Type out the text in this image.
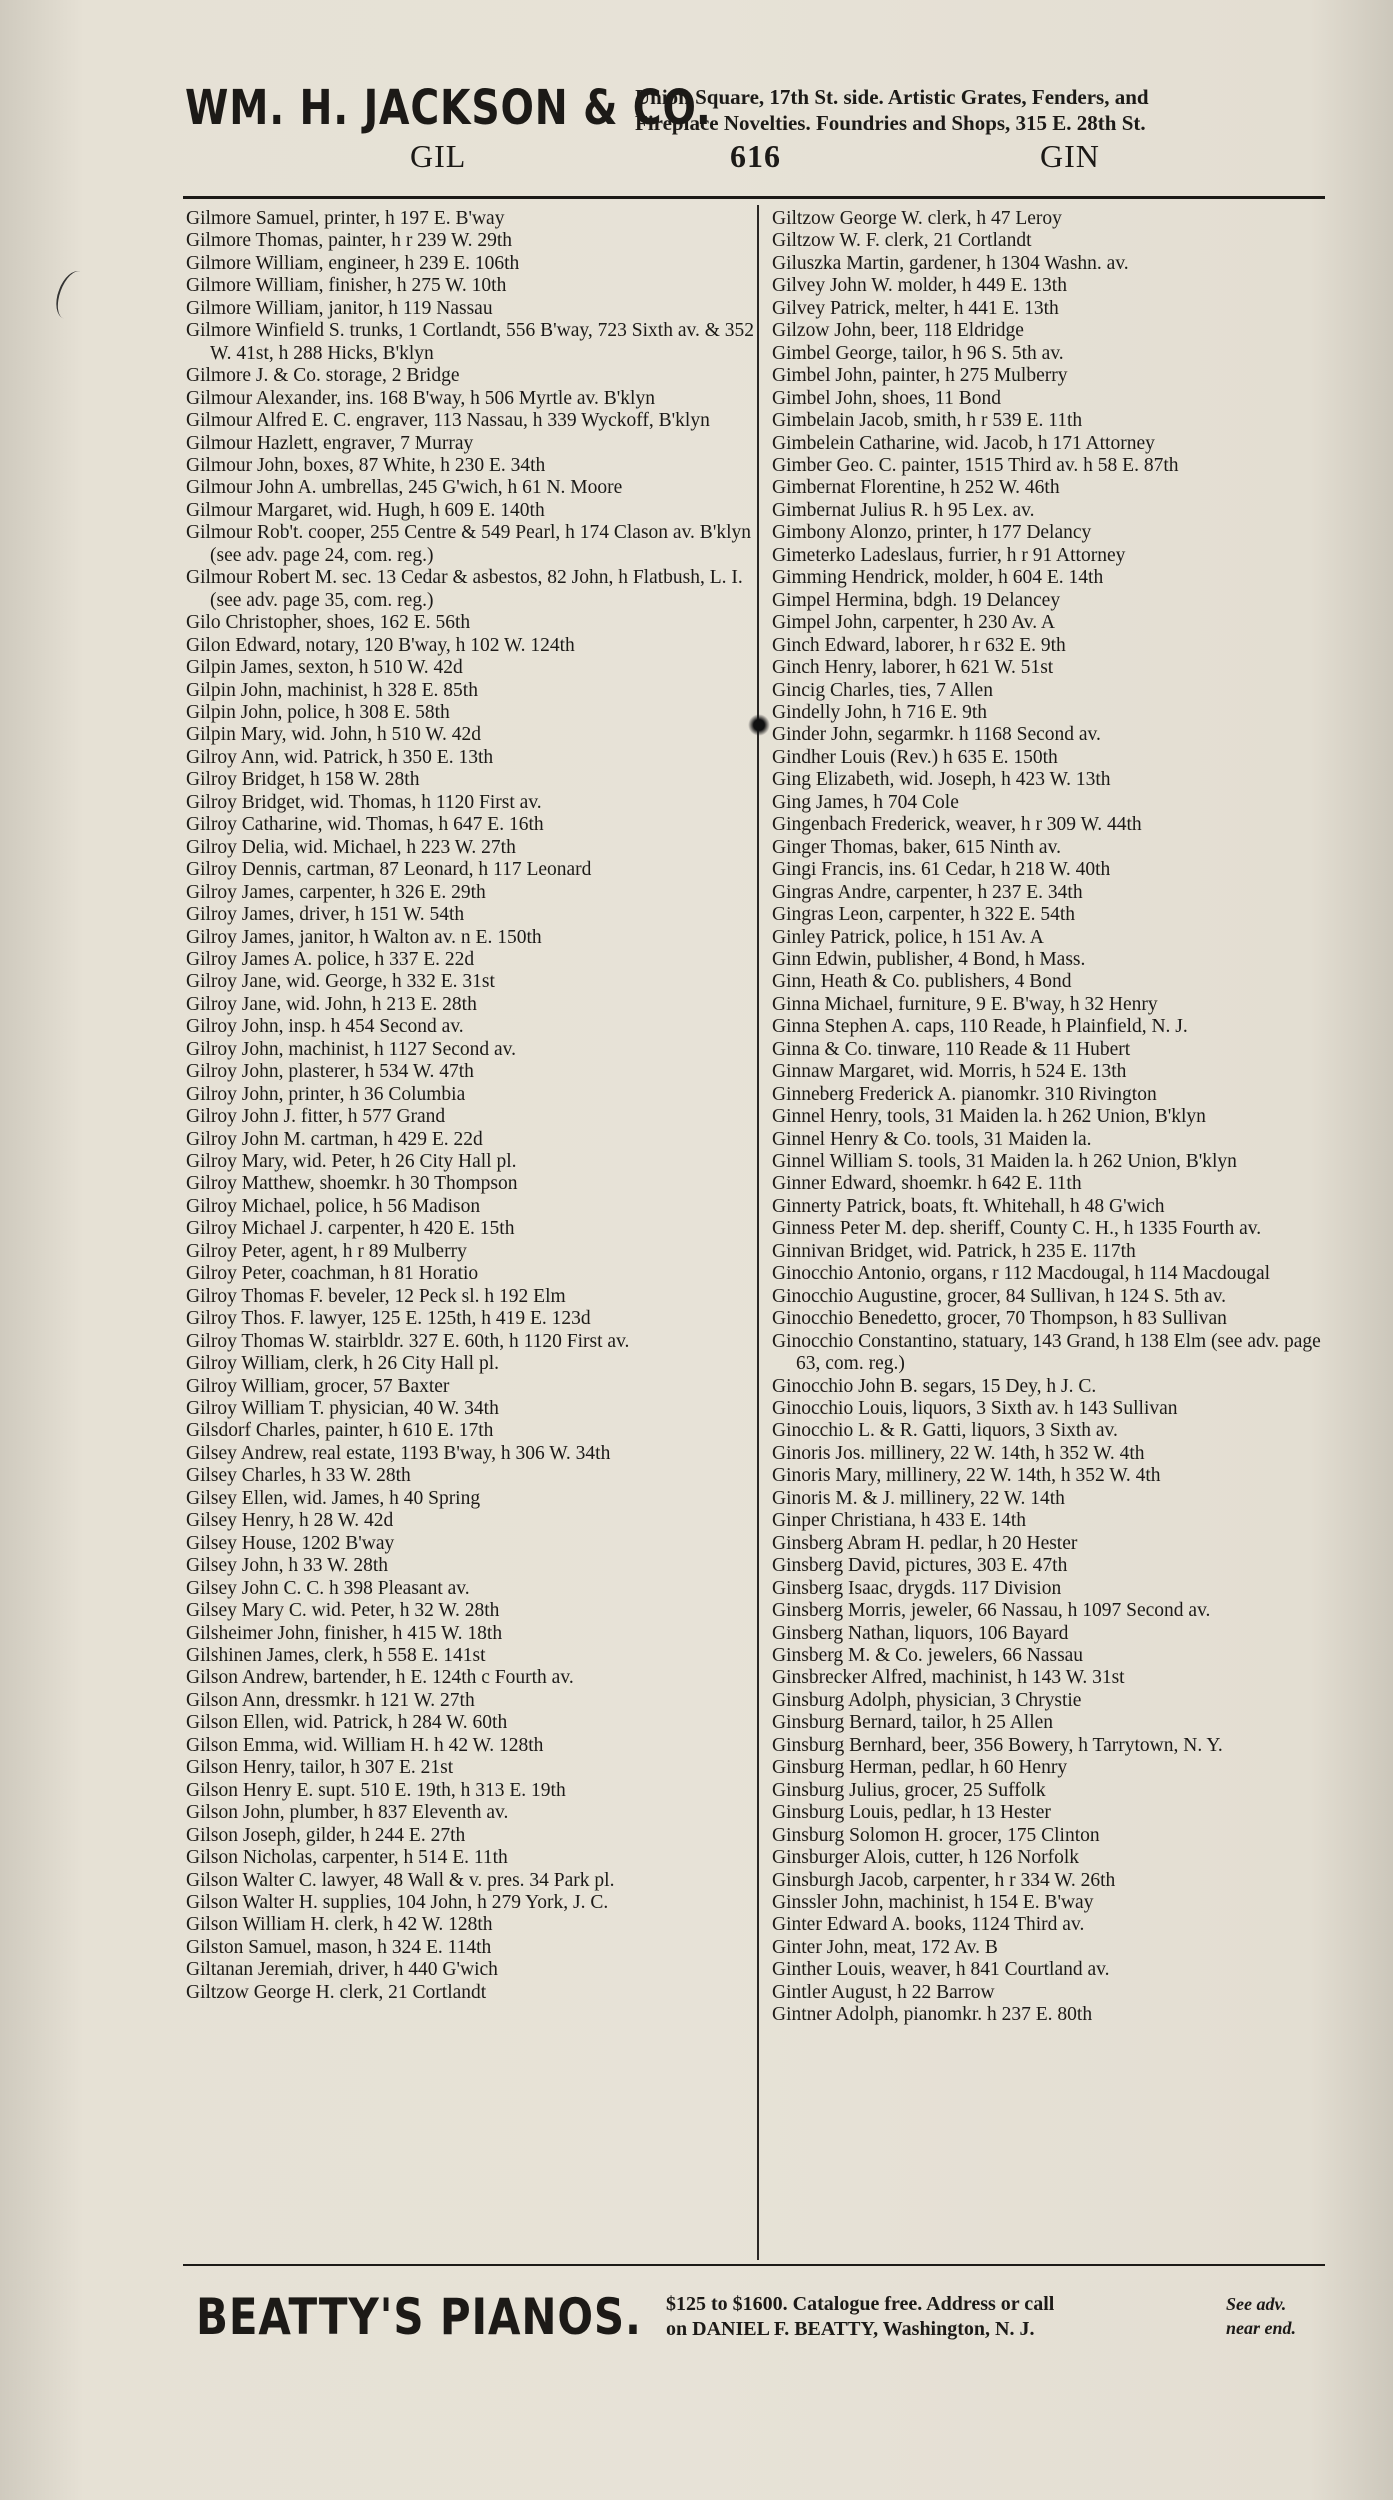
WM. H. JACKSON & CO.
Union Square, 17th St. side. Artistic Grates, Fenders, and
Fireplace Novelties. Foundries and Shops, 315 E. 28th St.
GIL	616	GIN
Gilmore Samuel, printer, h 197 E. B'way
Gilmore Thomas, painter, h r 239 W. 29th
Gilmore William, engineer, h 239 E. 106th
Gilmore William, finisher, h 275 W. 10th
Gilmore William, janitor, h 119 Nassau
Gilmore Winfield S. trunks, 1 Cortlandt, 556 B'way, 723 Sixth av. & 352 W. 41st, h 288 Hicks, B'klyn
Gilmore J. & Co. storage, 2 Bridge
Gilmour Alexander, ins. 168 B'way, h 506 Myrtle av. B'klyn
Gilmour Alfred E. C. engraver, 113 Nassau, h 339 Wyckoff, B'klyn
Gilmour Hazlett, engraver, 7 Murray
Gilmour John, boxes, 87 White, h 230 E. 34th
Gilmour John A. umbrellas, 245 G'wich, h 61 N. Moore
Gilmour Margaret, wid. Hugh, h 609 E. 140th
Gilmour Rob't. cooper, 255 Centre & 549 Pearl, h 174 Clason av. B'klyn (see adv. page 24, com. reg.)
Gilmour Robert M. sec. 13 Cedar & asbestos, 82 John, h Flatbush, L. I. (see adv. page 35, com. reg.)
Gilo Christopher, shoes, 162 E. 56th
Gilon Edward, notary, 120 B'way, h 102 W. 124th
Gilpin James, sexton, h 510 W. 42d
Gilpin John, machinist, h 328 E. 85th
Gilpin John, police, h 308 E. 58th
Gilpin Mary, wid. John, h 510 W. 42d
Gilroy Ann, wid. Patrick, h 350 E. 13th
Gilroy Bridget, h 158 W. 28th
Gilroy Bridget, wid. Thomas, h 1120 First av.
Gilroy Catharine, wid. Thomas, h 647 E. 16th
Gilroy Delia, wid. Michael, h 223 W. 27th
Gilroy Dennis, cartman, 87 Leonard, h 117 Leonard
Gilroy James, carpenter, h 326 E. 29th
Gilroy James, driver, h 151 W. 54th
Gilroy James, janitor, h Walton av. n E. 150th
Gilroy James A. police, h 337 E. 22d
Gilroy Jane, wid. George, h 332 E. 31st
Gilroy Jane, wid. John, h 213 E. 28th
Gilroy John, insp. h 454 Second av.
Gilroy John, machinist, h 1127 Second av.
Gilroy John, plasterer, h 534 W. 47th
Gilroy John, printer, h 36 Columbia
Gilroy John J. fitter, h 577 Grand
Gilroy John M. cartman, h 429 E. 22d
Gilroy Mary, wid. Peter, h 26 City Hall pl.
Gilroy Matthew, shoemkr. h 30 Thompson
Gilroy Michael, police, h 56 Madison
Gilroy Michael J. carpenter, h 420 E. 15th
Gilroy Peter, agent, h r 89 Mulberry
Gilroy Peter, coachman, h 81 Horatio
Gilroy Thomas F. beveler, 12 Peck sl. h 192 Elm
Gilroy Thos. F. lawyer, 125 E. 125th, h 419 E. 123d
Gilroy Thomas W. stairbldr. 327 E. 60th, h 1120 First av.
Gilroy William, clerk, h 26 City Hall pl.
Gilroy William, grocer, 57 Baxter
Gilroy William T. physician, 40 W. 34th
Gilsdorf Charles, painter, h 610 E. 17th
Gilsey Andrew, real estate, 1193 B'way, h 306 W. 34th
Gilsey Charles, h 33 W. 28th
Gilsey Ellen, wid. James, h 40 Spring
Gilsey Henry, h 28 W. 42d
Gilsey House, 1202 B'way
Gilsey John, h 33 W. 28th
Gilsey John C. C. h 398 Pleasant av.
Gilsey Mary C. wid. Peter, h 32 W. 28th
Gilsheimer John, finisher, h 415 W. 18th
Gilshinen James, clerk, h 558 E. 141st
Gilson Andrew, bartender, h E. 124th c Fourth av.
Gilson Ann, dressmkr. h 121 W. 27th
Gilson Ellen, wid. Patrick, h 284 W. 60th
Gilson Emma, wid. William H. h 42 W. 128th
Gilson Henry, tailor, h 307 E. 21st
Gilson Henry E. supt. 510 E. 19th, h 313 E. 19th
Gilson John, plumber, h 837 Eleventh av.
Gilson Joseph, gilder, h 244 E. 27th
Gilson Nicholas, carpenter, h 514 E. 11th
Gilson Walter C. lawyer, 48 Wall & v. pres. 34 Park pl.
Gilson Walter H. supplies, 104 John, h 279 York, J. C.
Gilson William H. clerk, h 42 W. 128th
Gilston Samuel, mason, h 324 E. 114th
Giltanan Jeremiah, driver, h 440 G'wich
Giltzow George H. clerk, 21 Cortlandt
Giltzow George W. clerk, h 47 Leroy
Giltzow W. F. clerk, 21 Cortlandt
Giluszka Martin, gardener, h 1304 Washn. av.
Gilvey John W. molder, h 449 E. 13th
Gilvey Patrick, melter, h 441 E. 13th
Gilzow John, beer, 118 Eldridge
Gimbel George, tailor, h 96 S. 5th av.
Gimbel John, painter, h 275 Mulberry
Gimbel John, shoes, 11 Bond
Gimbelain Jacob, smith, h r 539 E. 11th
Gimbelein Catharine, wid. Jacob, h 171 Attorney
Gimber Geo. C. painter, 1515 Third av. h 58 E. 87th
Gimbernat Florentine, h 252 W. 46th
Gimbernat Julius R. h 95 Lex. av.
Gimbony Alonzo, printer, h 177 Delancy
Gimeterko Ladeslaus, furrier, h r 91 Attorney
Gimming Hendrick, molder, h 604 E. 14th
Gimpel Hermina, bdgh. 19 Delancey
Gimpel John, carpenter, h 230 Av. A
Ginch Edward, laborer, h r 632 E. 9th
Ginch Henry, laborer, h 621 W. 51st
Gincig Charles, ties, 7 Allen
Gindelly John, h 716 E. 9th
Ginder John, segarmkr. h 1168 Second av.
Gindher Louis (Rev.) h 635 E. 150th
Ging Elizabeth, wid. Joseph, h 423 W. 13th
Ging James, h 704 Cole
Gingenbach Frederick, weaver, h r 309 W. 44th
Ginger Thomas, baker, 615 Ninth av.
Gingi Francis, ins. 61 Cedar, h 218 W. 40th
Gingras Andre, carpenter, h 237 E. 34th
Gingras Leon, carpenter, h 322 E. 54th
Ginley Patrick, police, h 151 Av. A
Ginn Edwin, publisher, 4 Bond, h Mass.
Ginn, Heath & Co. publishers, 4 Bond
Ginna Michael, furniture, 9 E. B'way, h 32 Henry
Ginna Stephen A. caps, 110 Reade, h Plainfield, N. J.
Ginna & Co. tinware, 110 Reade & 11 Hubert
Ginnaw Margaret, wid. Morris, h 524 E. 13th
Ginneberg Frederick A. pianomkr. 310 Rivington
Ginnel Henry, tools, 31 Maiden la. h 262 Union, B'klyn
Ginnel Henry & Co. tools, 31 Maiden la.
Ginnel William S. tools, 31 Maiden la. h 262 Union, B'klyn
Ginner Edward, shoemkr. h 642 E. 11th
Ginnerty Patrick, boats, ft. Whitehall, h 48 G'wich
Ginness Peter M. dep. sheriff, County C. H., h 1335 Fourth av.
Ginnivan Bridget, wid. Patrick, h 235 E. 117th
Ginocchio Antonio, organs, r 112 Macdougal, h 114 Macdougal
Ginocchio Augustine, grocer, 84 Sullivan, h 124 S. 5th av.
Ginocchio Benedetto, grocer, 70 Thompson, h 83 Sullivan
Ginocchio Constantino, statuary, 143 Grand, h 138 Elm (see adv. page 63, com. reg.)
Ginocchio John B. segars, 15 Dey, h J. C.
Ginocchio Louis, liquors, 3 Sixth av. h 143 Sullivan
Ginocchio L. & R. Gatti, liquors, 3 Sixth av.
Ginoris Jos. millinery, 22 W. 14th, h 352 W. 4th
Ginoris Mary, millinery, 22 W. 14th, h 352 W. 4th
Ginoris M. & J. millinery, 22 W. 14th
Ginper Christiana, h 433 E. 14th
Ginsberg Abram H. pedlar, h 20 Hester
Ginsberg David, pictures, 303 E. 47th
Ginsberg Isaac, drygds. 117 Division
Ginsberg Morris, jeweler, 66 Nassau, h 1097 Second av.
Ginsberg Nathan, liquors, 106 Bayard
Ginsberg M. & Co. jewelers, 66 Nassau
Ginsbrecker Alfred, machinist, h 143 W. 31st
Ginsburg Adolph, physician, 3 Chrystie
Ginsburg Bernard, tailor, h 25 Allen
Ginsburg Bernhard, beer, 356 Bowery, h Tarrytown, N. Y.
Ginsburg Herman, pedlar, h 60 Henry
Ginsburg Julius, grocer, 25 Suffolk
Ginsburg Louis, pedlar, h 13 Hester
Ginsburg Solomon H. grocer, 175 Clinton
Ginsburger Alois, cutter, h 126 Norfolk
Ginsburgh Jacob, carpenter, h r 334 W. 26th
Ginssler John, machinist, h 154 E. B'way
Ginter Edward A. books, 1124 Third av.
Ginter John, meat, 172 Av. B
Ginther Louis, weaver, h 841 Courtland av.
Gintler August, h 22 Barrow
Gintner Adolph, pianomkr. h 237 E. 80th
BEATTY'S PIANOS. $125 to $1600. Catalogue free. Address or call
on DANIEL F. BEATTY, Washington, N. J.
See adv.
near end.
